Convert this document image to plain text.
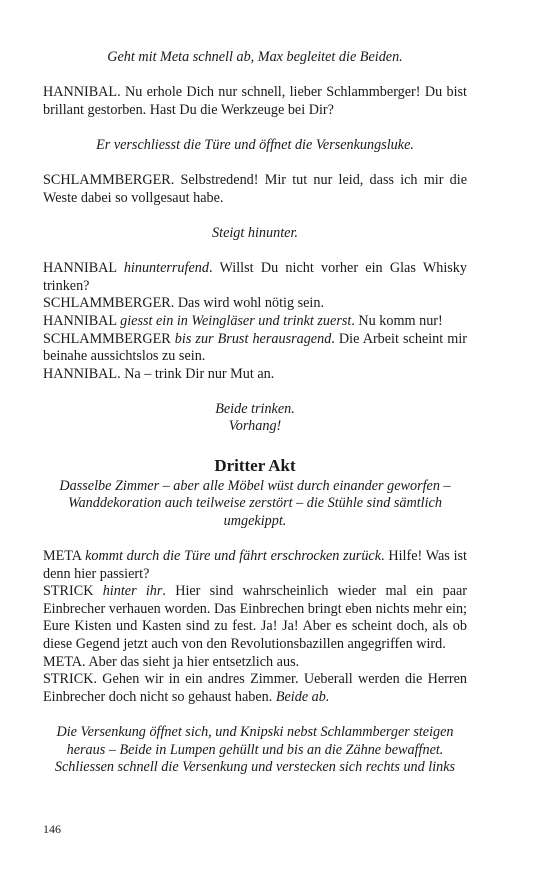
Geht mit Meta schnell ab, Max begleitet die Beiden.

HANNIBAL. Nu erhole Dich nur schnell, lieber Schlammberger! Du bist brillant gestorben. Hast Du die Werkzeuge bei Dir?

Er verschliesst die Türe und öffnet die Versenkungsluke.

SCHLAMMBERGER. Selbstredend! Mir tut nur leid, dass ich mir die Weste dabei so vollgesaut habe.

Steigt hinunter.

HANNIBAL hinunterrufend. Willst Du nicht vorher ein Glas Whisky trinken?

SCHLAMMBERGER. Das wird wohl nötig sein.

HANNIBAL giesst ein in Weingläser und trinkt zuerst. Nu komm nur!

SCHLAMMBERGER bis zur Brust herausragend. Die Arbeit scheint mir beinahe aussichtslos zu sein.

HANNIBAL. Na – trink Dir nur Mut an.

Beide trinken.

Vorhang!

Dritter Akt

Dasselbe Zimmer – aber alle Möbel wüst durch einander geworfen – Wanddekoration auch teilweise zerstört – die Stühle sind sämtlich umgekippt.

META kommt durch die Türe und fährt erschrocken zurück. Hilfe! Was ist denn hier passiert?

STRICK hinter ihr. Hier sind wahrscheinlich wieder mal ein paar Einbrecher verhauen worden. Das Einbrechen bringt eben nichts mehr ein; Eure Kisten und Kasten sind zu fest. Ja! Ja! Aber es scheint doch, als ob diese Gegend jetzt auch von den Revolutionsbazillen angegriffen wird.

META. Aber das sieht ja hier entsetzlich aus.

STRICK. Gehen wir in ein andres Zimmer. Ueberall werden die Herren Einbrecher doch nicht so gehaust haben. Beide ab.

Die Versenkung öffnet sich, und Knipski nebst Schlammberger steigen heraus – Beide in Lumpen gehüllt und bis an die Zähne bewaffnet. Schliessen schnell die Versenkung und verstecken sich rechts und links

146
